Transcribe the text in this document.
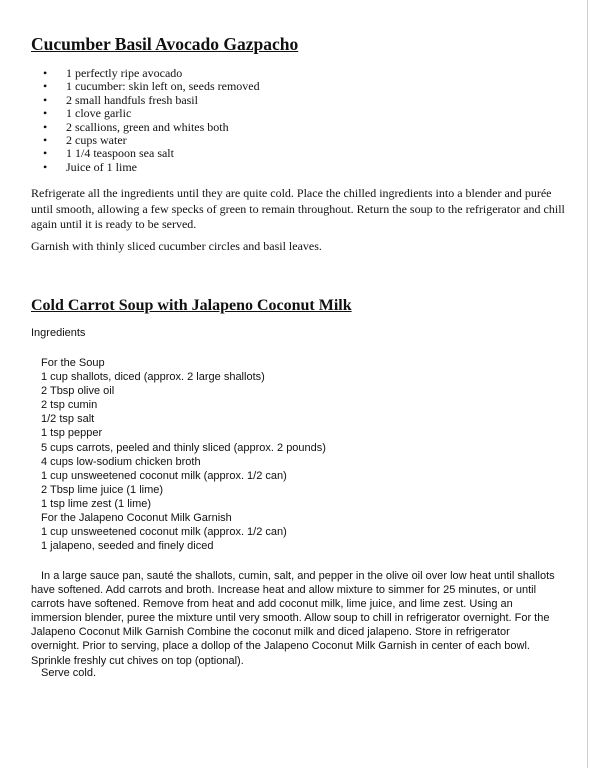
Cucumber Basil Avocado Gazpacho
• 1 perfectly ripe avocado
• 1 cucumber: skin left on, seeds removed
• 2 small handfuls fresh basil
• 1 clove garlic
• 2 scallions, green and whites both
• 2 cups water
• 1 1/4 teaspoon sea salt
• Juice of 1 lime

Refrigerate all the ingredients until they are quite cold. Place the chilled ingredients into a blender and purée until smooth, allowing a few specks of green to remain throughout. Return the soup to the refrigerator and chill again until it is ready to be served.

Garnish with thinly sliced cucumber circles and basil leaves.

Cold Carrot Soup with Jalapeno Coconut Milk

Ingredients

For the Soup
1 cup shallots, diced (approx. 2 large shallots)
2 Tbsp olive oil
2 tsp cumin
1/2 tsp salt
1 tsp pepper
5 cups carrots, peeled and thinly sliced (approx. 2 pounds)
4 cups low-sodium chicken broth
1 cup unsweetened coconut milk (approx. 1/2 can)
2 Tbsp lime juice (1 lime)
1 tsp lime zest (1 lime)
For the Jalapeno Coconut Milk Garnish
1 cup unsweetened coconut milk (approx. 1/2 can)
1 jalapeno, seeded and finely diced

In a large sauce pan, sauté the shallots, cumin, salt, and pepper in the olive oil over low heat until shallots have softened. Add carrots and broth. Increase heat and allow mixture to simmer for 25 minutes, or until carrots have softened. Remove from heat and add coconut milk, lime juice, and lime zest. Using an immersion blender, puree the mixture until very smooth. Allow soup to chill in refrigerator overnight. For the Jalapeno Coconut Milk Garnish Combine the coconut milk and diced jalapeno. Store in refrigerator overnight. Prior to serving, place a dollop of the Jalapeno Coconut Milk Garnish in center of each bowl. Sprinkle freshly cut chives on top (optional).

Serve cold.
